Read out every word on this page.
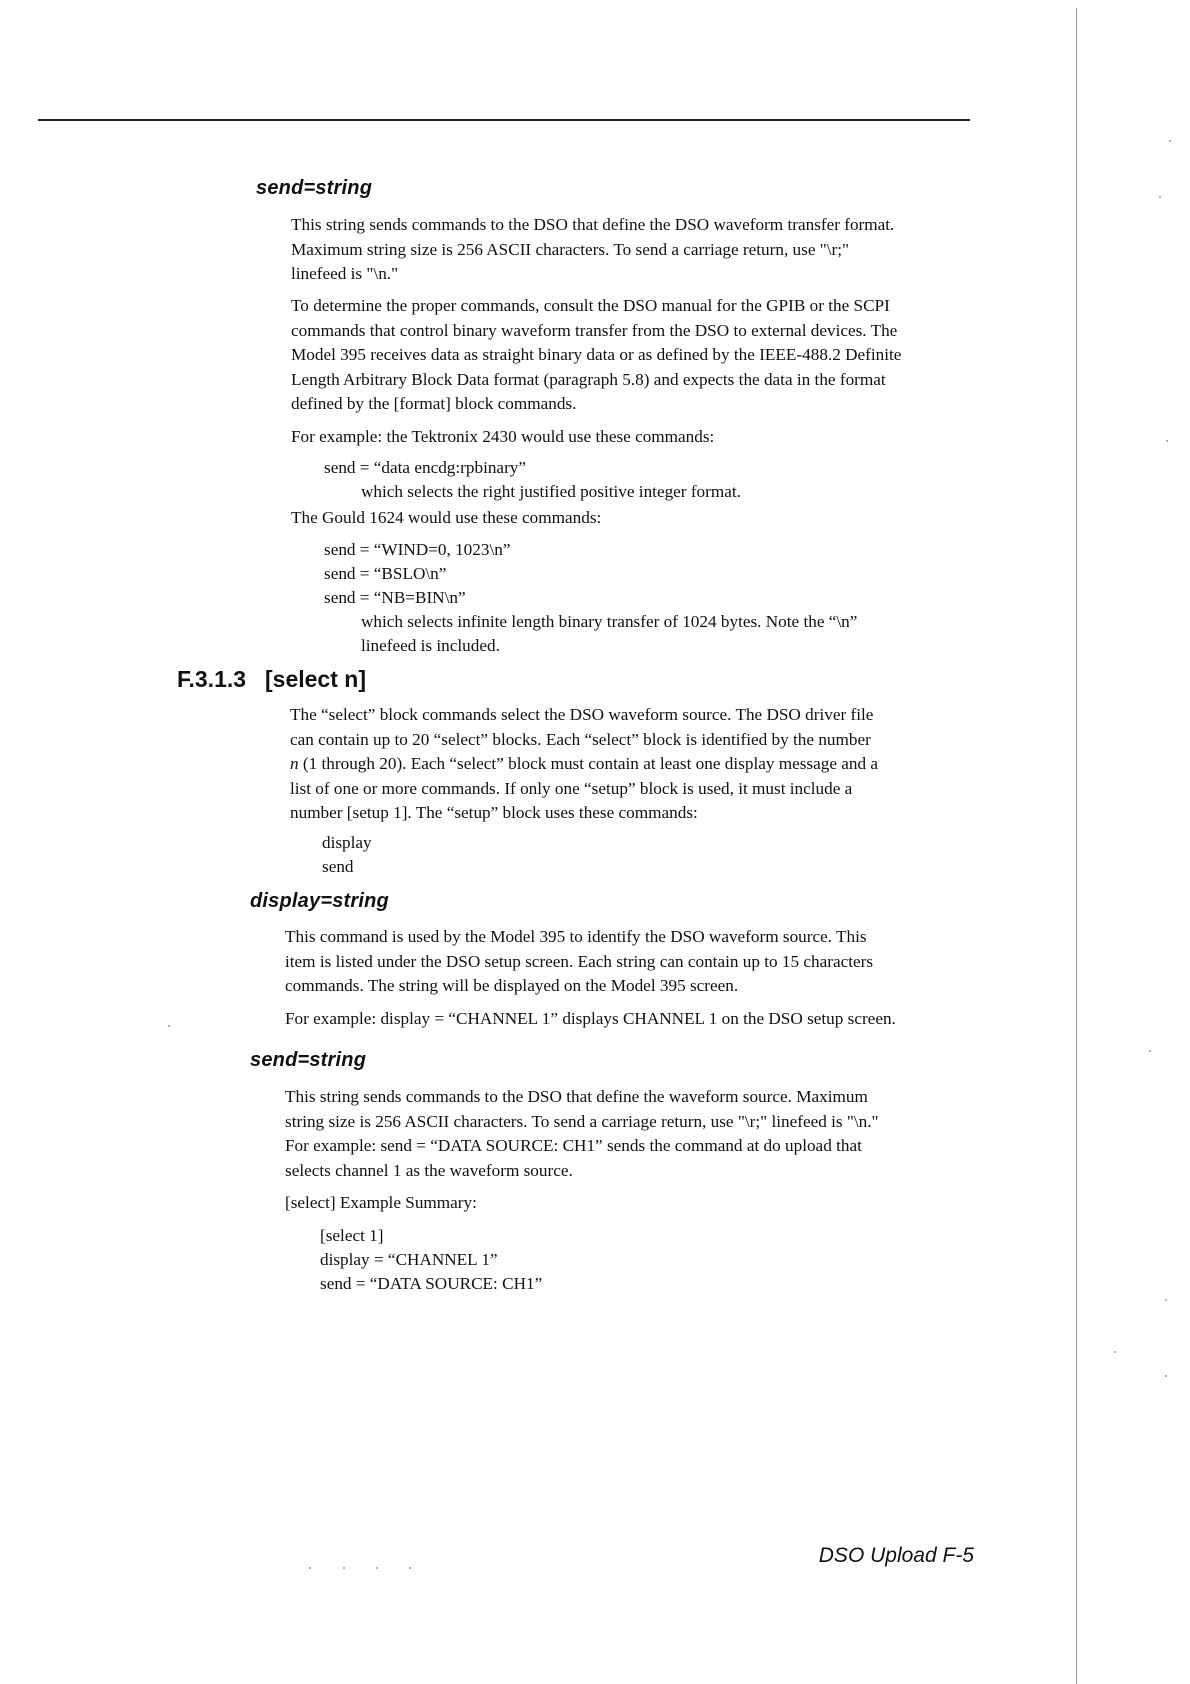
send=string
This string sends commands to the DSO that define the DSO waveform transfer format.
Maximum string size is 256 ASCII characters. To send a carriage return, use "\r;"
linefeed is "\n."
To determine the proper commands, consult the DSO manual for the GPIB or the SCPI
commands that control binary waveform transfer from the DSO to external devices. The
Model 395 receives data as straight binary data or as defined by the IEEE-488.2 Definite
Length Arbitrary Block Data format (paragraph 5.8) and expects the data in the format
defined by the [format] block commands.
For example: the Tektronix 2430 would use these commands:
send = “data encdg:rpbinary”
which selects the right justified positive integer format.
The Gould 1624 would use these commands:
send = “WIND=0, 1023\n”
send = “BSLO\n”
send = “NB=BIN\n”
which selects infinite length binary transfer of 1024 bytes. Note the “\n”
linefeed is included.
F.3.1.3 [select n]
The “select” block commands select the DSO waveform source. The DSO driver file
can contain up to 20 “select” blocks. Each “select” block is identified by the number
n (1 through 20). Each “select” block must contain at least one display message and a
list of one or more commands. If only one “setup” block is used, it must include a
number [setup 1]. The “setup” block uses these commands:
display
send
display=string
This command is used by the Model 395 to identify the DSO waveform source. This
item is listed under the DSO setup screen. Each string can contain up to 15 characters
commands. The string will be displayed on the Model 395 screen.
For example: display = “CHANNEL 1” displays CHANNEL 1 on the DSO setup screen.
send=string
This string sends commands to the DSO that define the waveform source. Maximum
string size is 256 ASCII characters. To send a carriage return, use "\r;" linefeed is "\n."
For example: send = “DATA SOURCE: CH1” sends the command at do upload that
selects channel 1 as the waveform source.
[select] Example Summary:
[select 1]
display = “CHANNEL 1”
send = “DATA SOURCE: CH1”
DSO Upload F-5
